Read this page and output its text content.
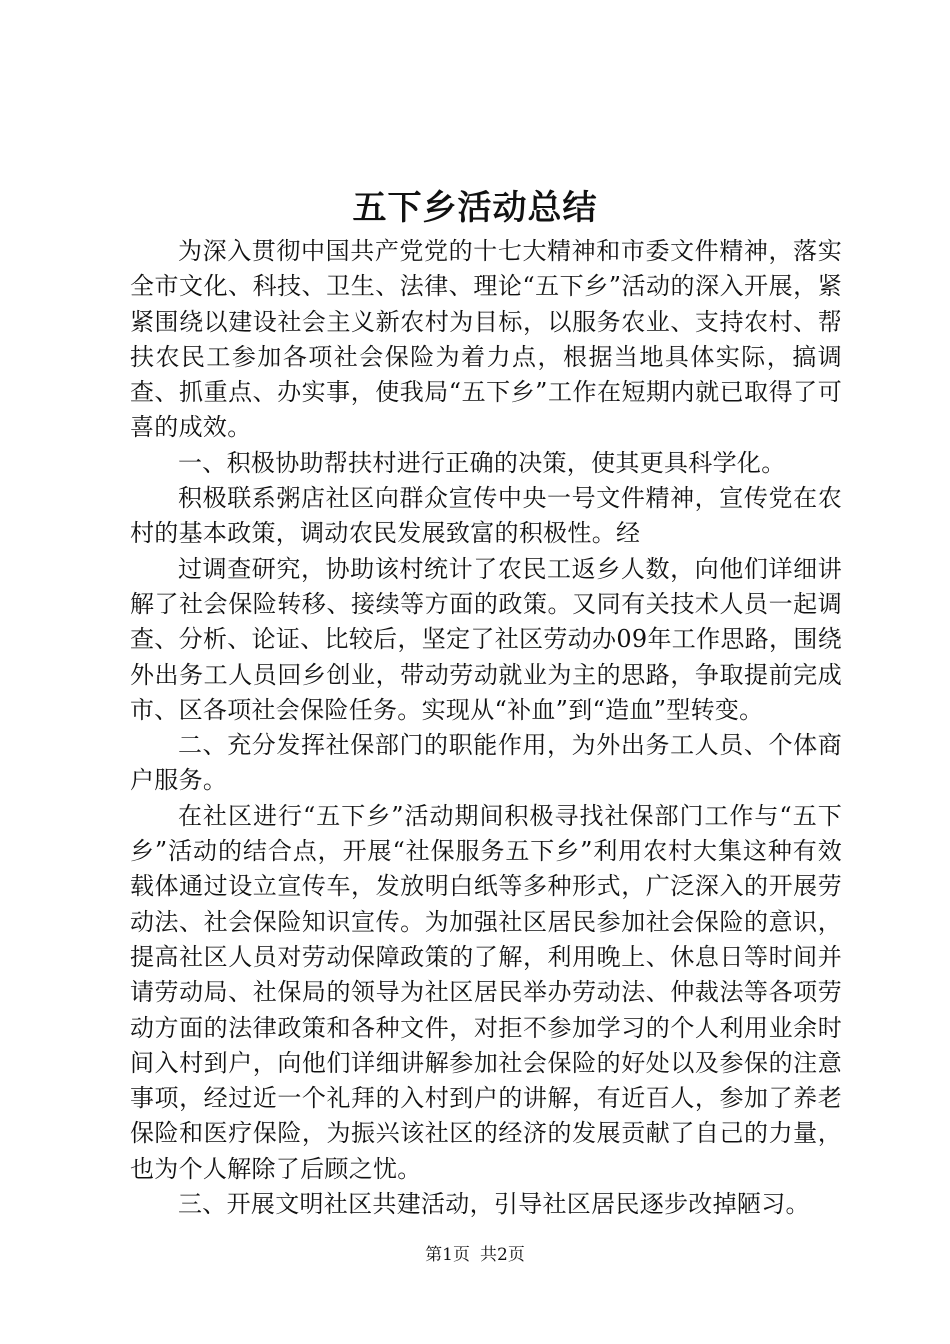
五下乡活动总结

为深入贯彻中国共产党党的十七大精神和市委文件精神，落实全市文化、科技、卫生、法律、理论“五下乡”活动的深入开展，紧紧围绕以建设社会主义新农村为目标，以服务农业、支持农村、帮扶农民工参加各项社会保险为着力点，根据当地具体实际，搞调查、抓重点、办实事，使我局“五下乡”工作在短期内就已取得了可喜的成效。

一、积极协助帮扶村进行正确的决策，使其更具科学化。

积极联系粥店社区向群众宣传中央一号文件精神，宣传党在农村的基本政策，调动农民发展致富的积极性。经

过调查研究，协助该村统计了农民工返乡人数，向他们详细讲解了社会保险转移、接续等方面的政策。又同有关技术人员一起调查、分析、论证、比较后，坚定了社区劳动办09年工作思路，围绕外出务工人员回乡创业，带动劳动就业为主的思路，争取提前完成市、区各项社会保险任务。实现从“补血”到“造血”型转变。

二、充分发挥社保部门的职能作用，为外出务工人员、个体商户服务。

在社区进行“五下乡”活动期间积极寻找社保部门工作与“五下乡”活动的结合点，开展“社保服务五下乡”利用农村大集这种有效载体通过设立宣传车，发放明白纸等多种形式，广泛深入的开展劳动法、社会保险知识宣传。为加强社区居民参加社会保险的意识，提高社区人员对劳动保障政策的了解，利用晚上、休息日等时间并请劳动局、社保局的领导为社区居民举办劳动法、仲裁法等各项劳动方面的法律政策和各种文件，对拒不参加学习的个人利用业余时间入村到户，向他们详细讲解参加社会保险的好处以及参保的注意事项，经过近一个礼拜的入村到户的讲解，有近百人，参加了养老保险和医疗保险，为振兴该社区的经济的发展贡献了自己的力量，也为个人解除了后顾之忧。

三、开展文明社区共建活动，引导社区居民逐步改掉陋习。

第1页 共2页
